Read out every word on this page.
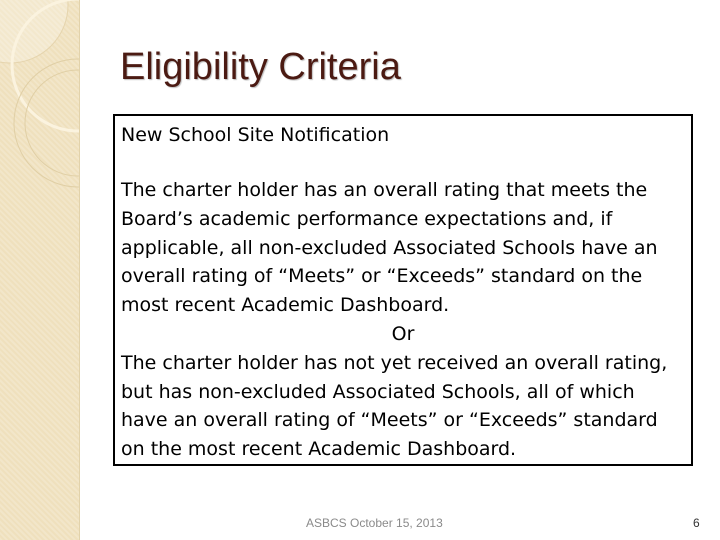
Eligibility Criteria
New School Site Notification
The charter holder has an overall rating that meets the Board’s academic performance expectations and, if applicable, all non-excluded Associated Schools have an overall rating of “Meets” or “Exceeds” standard on the most recent Academic Dashboard.
Or
The charter holder has not yet received an overall rating, but has non-excluded Associated Schools, all of which have an overall rating of “Meets” or “Exceeds” standard on the most recent Academic Dashboard.
ASBCS October 15, 2013	6
